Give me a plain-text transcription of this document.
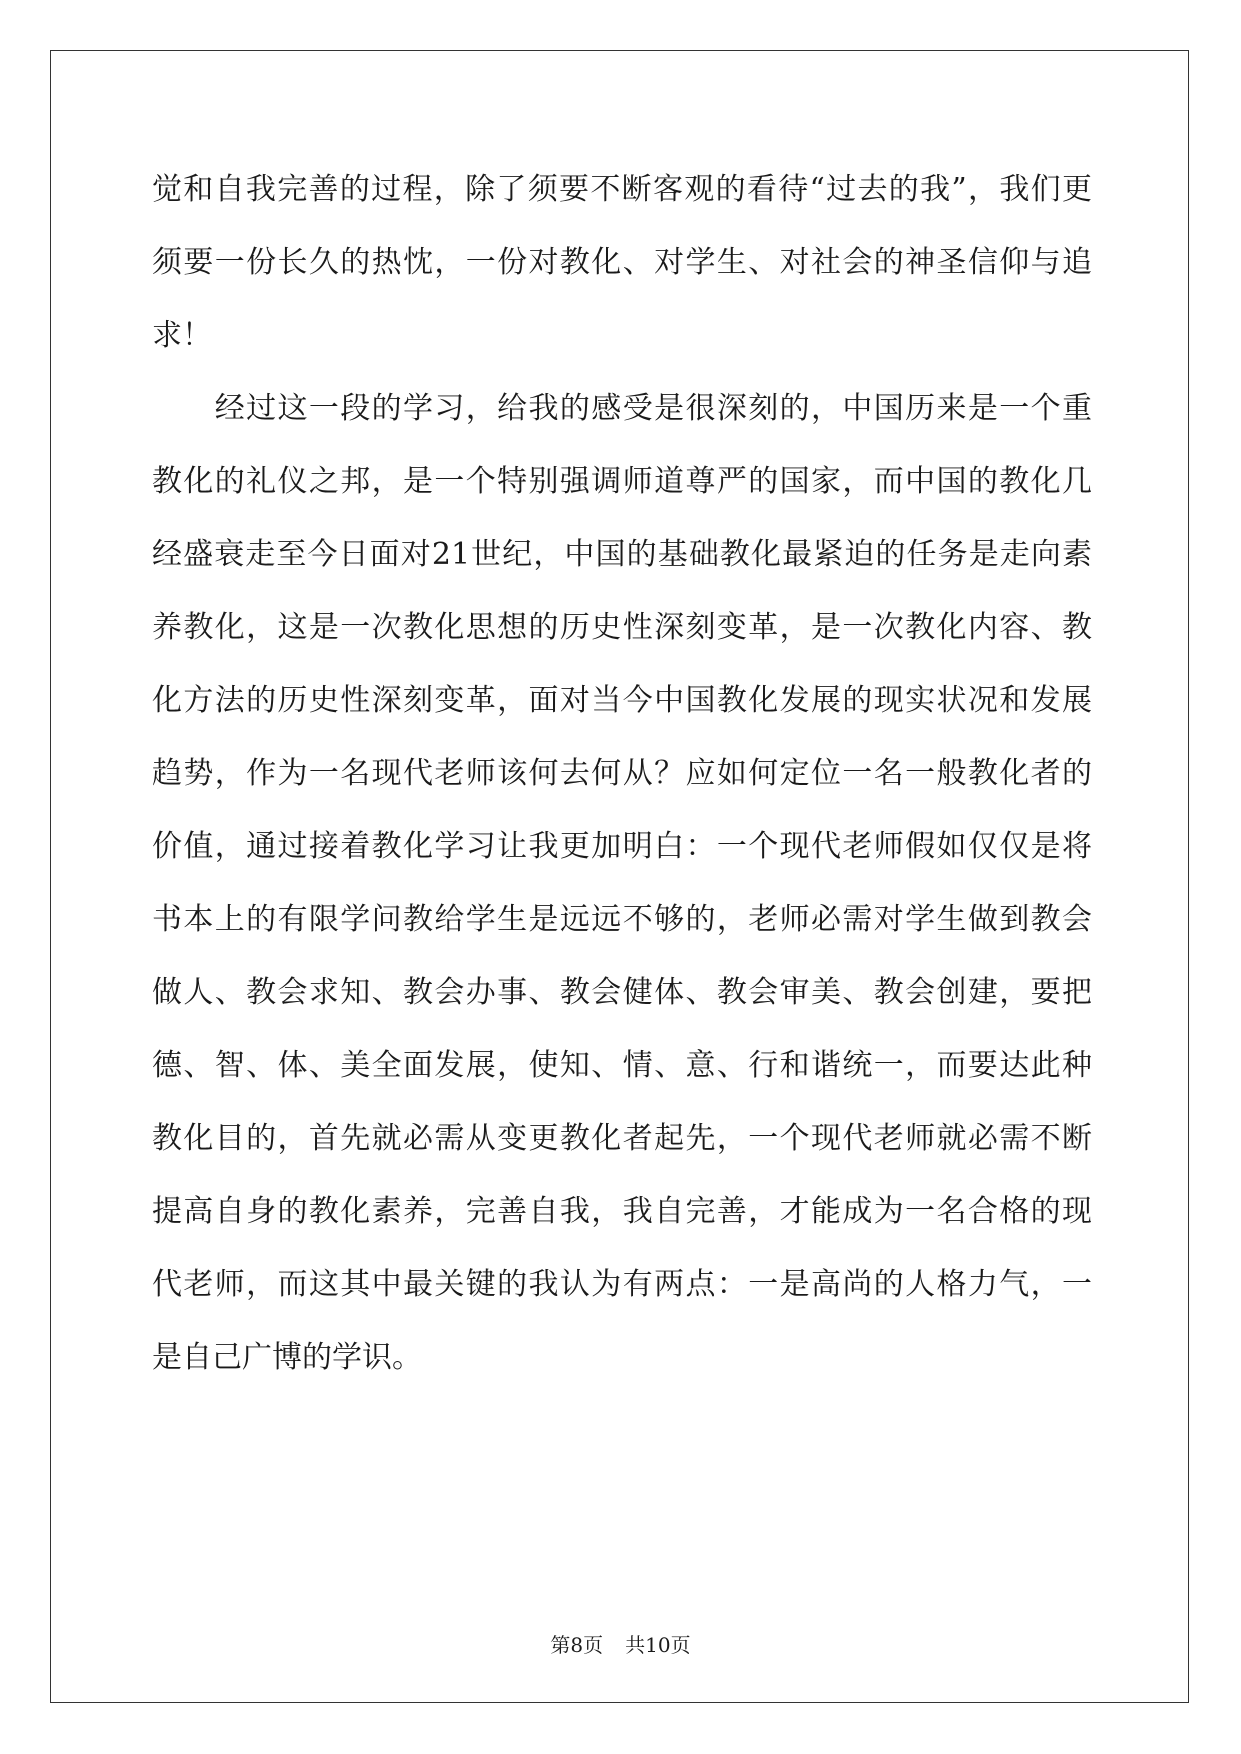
觉和自我完善的过程，除了须要不断客观的看待“过去的我”，我们更
须要一份长久的热忱，一份对教化、对学生、对社会的神圣信仰与追
求！
　　经过这一段的学习，给我的感受是很深刻的，中国历来是一个重
教化的礼仪之邦，是一个特别强调师道尊严的国家，而中国的教化几
经盛衰走至今日面对21世纪，中国的基础教化最紧迫的任务是走向素
养教化，这是一次教化思想的历史性深刻变革，是一次教化内容、教
化方法的历史性深刻变革，面对当今中国教化发展的现实状况和发展
趋势，作为一名现代老师该何去何从？应如何定位一名一般教化者的
价值，通过接着教化学习让我更加明白：一个现代老师假如仅仅是将
书本上的有限学问教给学生是远远不够的，老师必需对学生做到教会
做人、教会求知、教会办事、教会健体、教会审美、教会创建，要把
德、智、体、美全面发展，使知、情、意、行和谐统一，而要达此种
教化目的，首先就必需从变更教化者起先，一个现代老师就必需不断
提高自身的教化素养，完善自我，我自完善，才能成为一名合格的现
代老师，而这其中最关键的我认为有两点：一是高尚的人格力气，一
是自己广博的学识。
第8页 共10页
